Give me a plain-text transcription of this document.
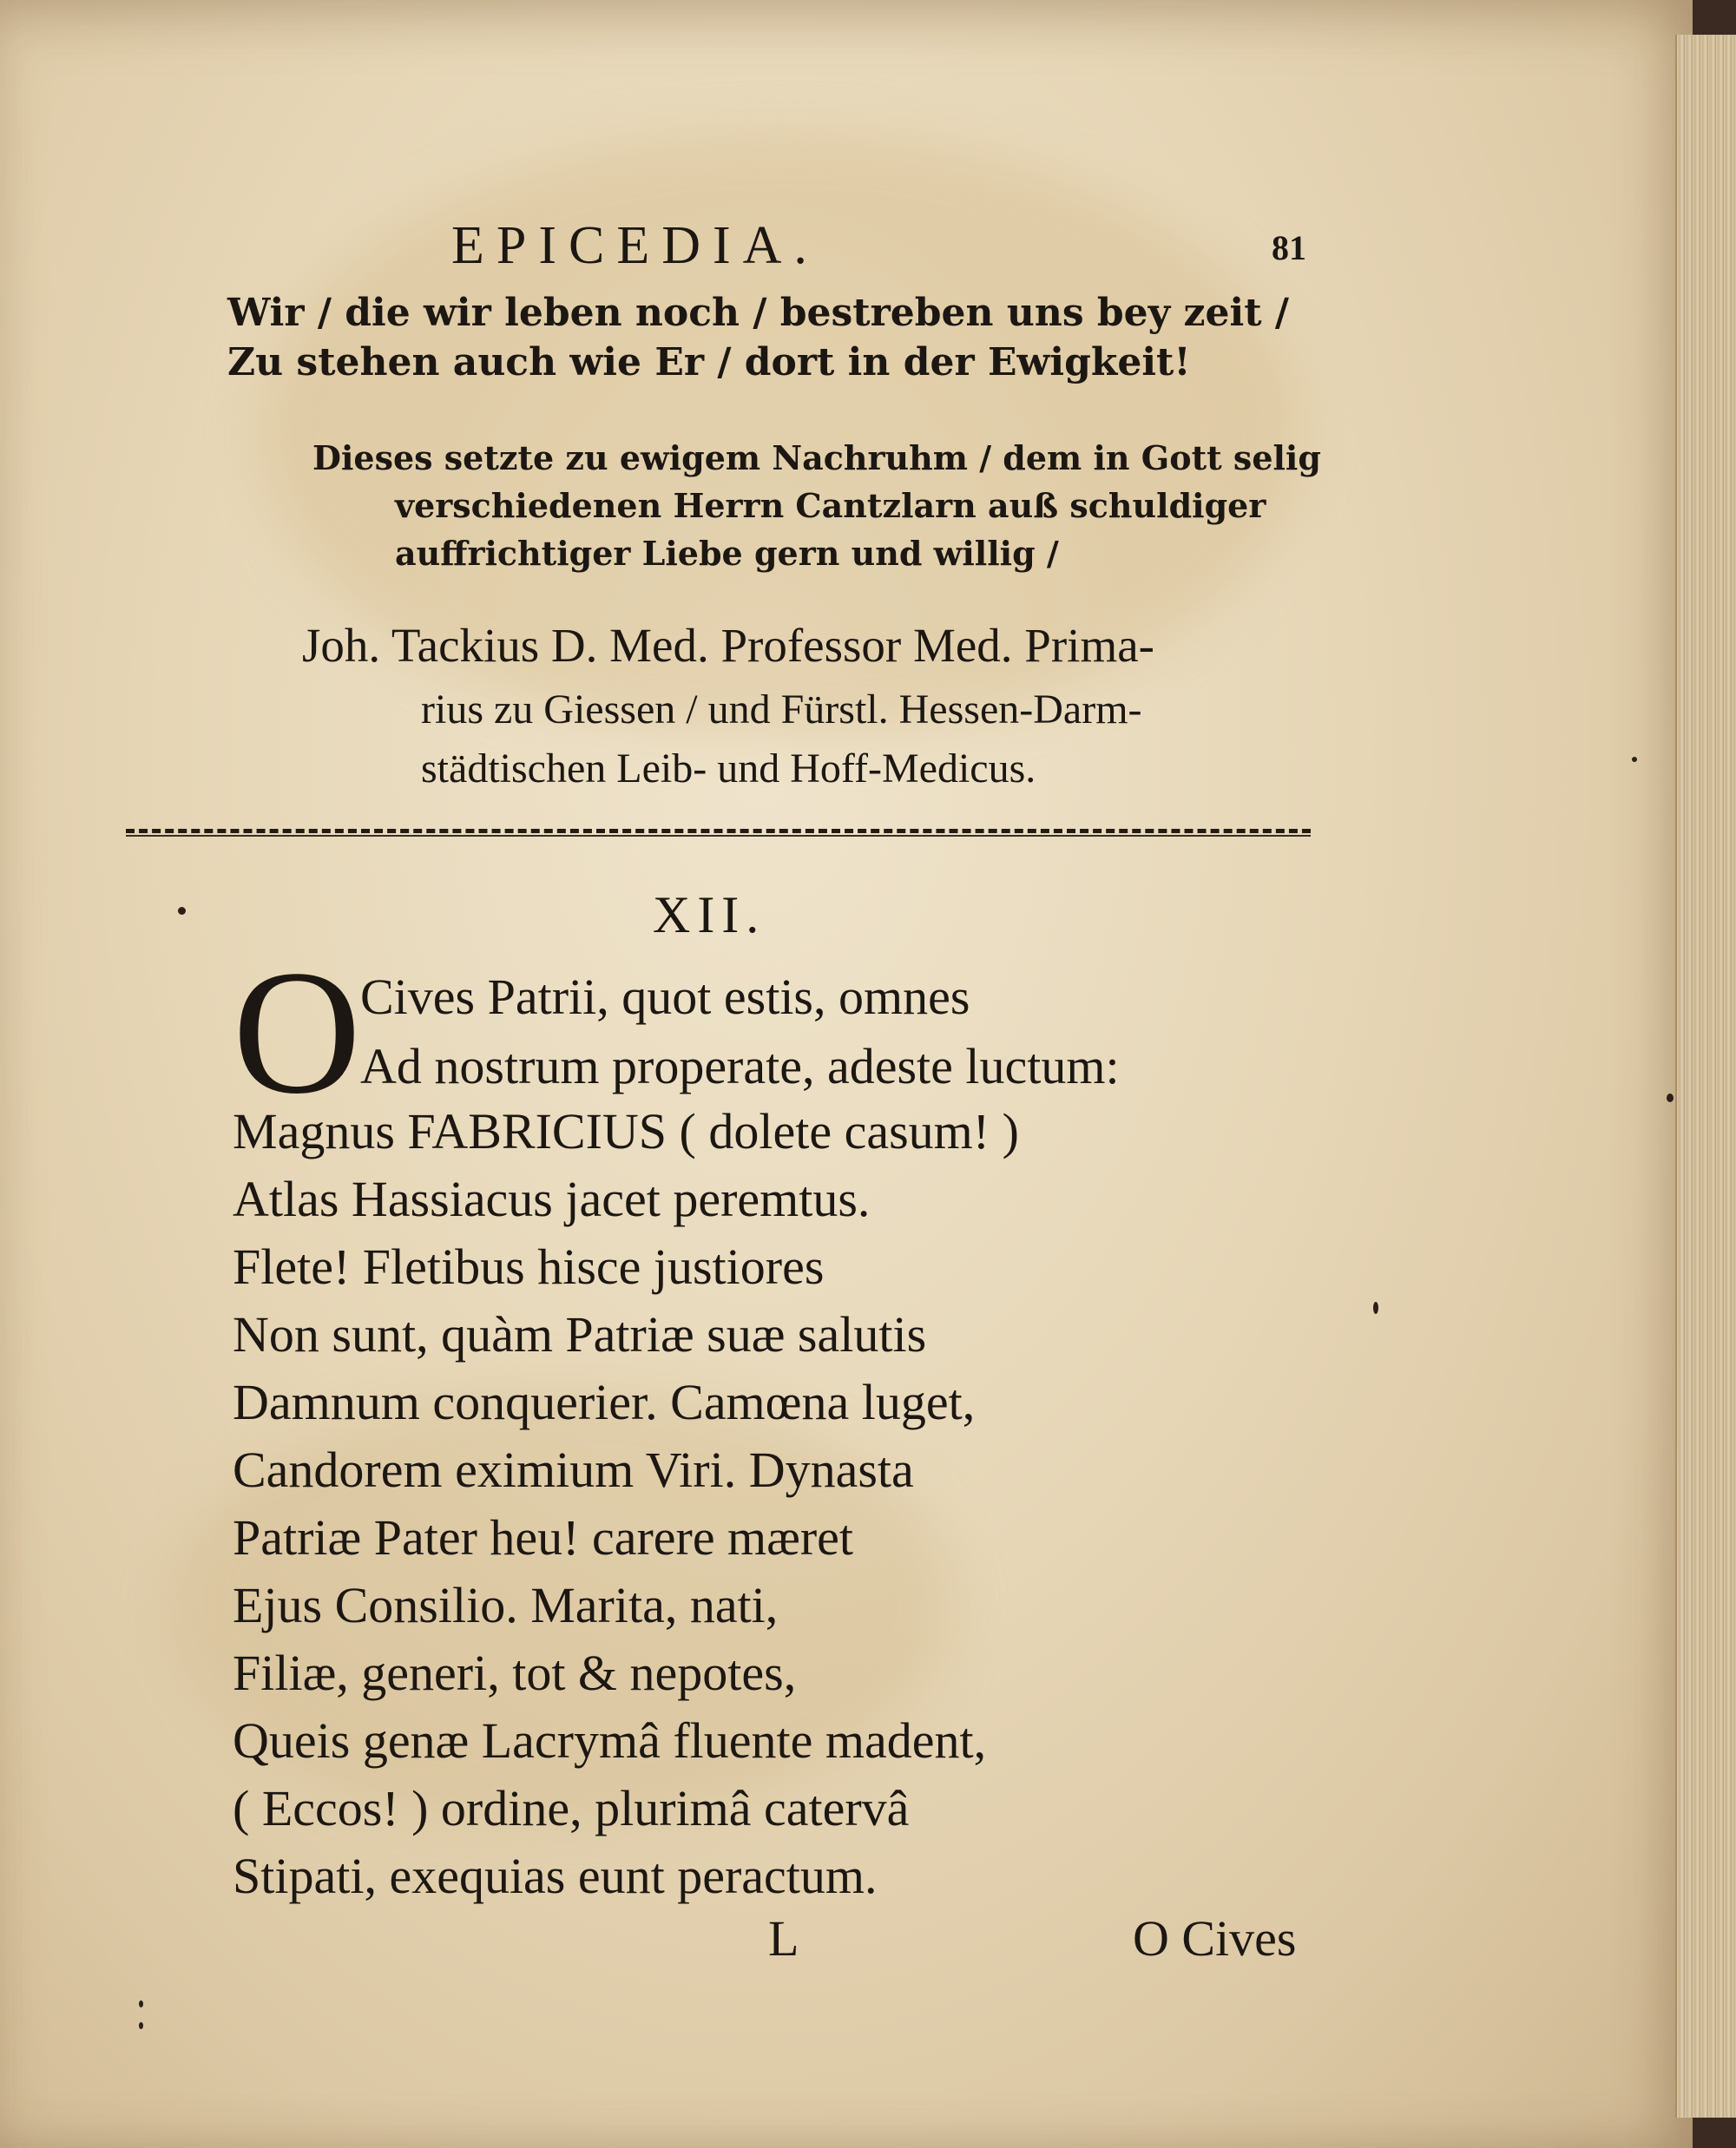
EPICEDIA.	81
Wir / die wir leben noch / bestreben uns bey zeit /
Zu stehen auch wie Er / dort in der Ewigkeit!
Dieses setzte zu ewigem Nachruhm / dem in Gott selig
verschiedenen Herrn Cantzlarn auß schuldiger
auffrichtiger Liebe gern und willig /
Joh. Tackius D. Med. Professor Med. Prima-
rius zu Giessen / und Fürstl. Hessen-Darm-
städtischen Leib- und Hoff-Medicus.
XII.
O
Cives Patrii, quot estis, omnes
Ad nostrum properate, adeste luctum:
Magnus FABRICIUS ( dolete casum! )
Atlas Hassiacus jacet peremtus.
Flete! Fletibus hisce justiores
Non sunt, quàm Patriæ suæ salutis
Damnum conquerier. Camœna luget,
Candorem eximium Viri. Dynasta
Patriæ Pater heu! carere mæret
Ejus Consilio. Marita, nati,
Filiæ, generi, tot & nepotes,
Queis genæ Lacrymâ fluente madent,
( Eccos! ) ordine, plurimâ catervâ
Stipati, exequias eunt peractum.
L	O Cives
